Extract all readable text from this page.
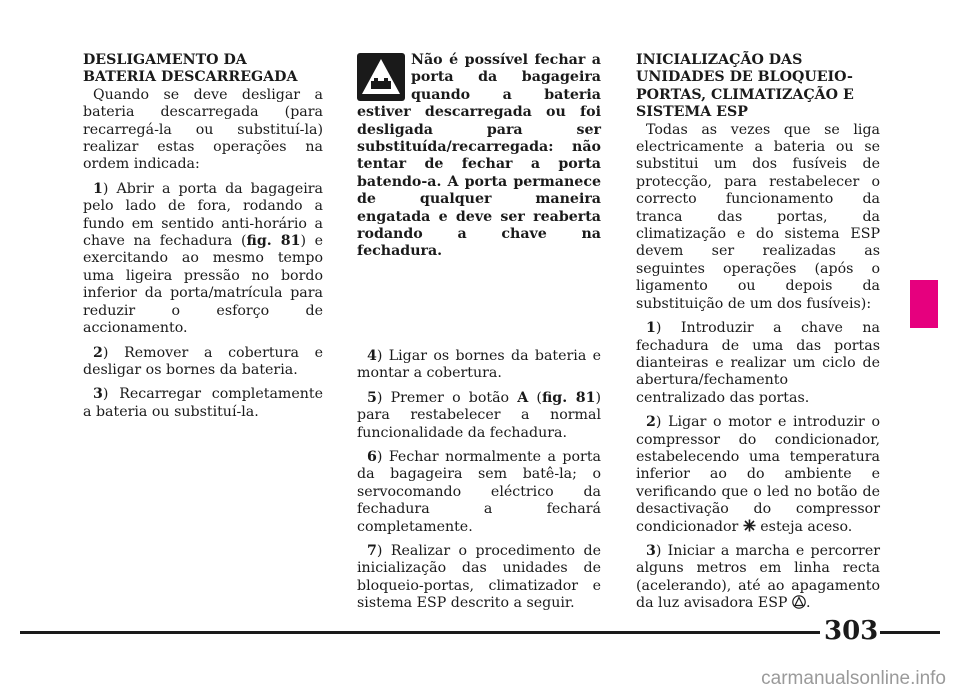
DESLIGAMENTO DA
BATERIA DESCARREGADA

Quando se deve desligar a bateria descarregada (para recarregá-la ou substituí-la) realizar estas operações na ordem indicada:

1) Abrir a porta da bagageira pelo lado de fora, rodando a fundo em sentido anti-horário a chave na fechadura (fig. 81) e exercitando ao mesmo tempo uma ligeira pressão no bordo inferior da porta/matrícula para reduzir o esforço de accionamento.

2) Remover a cobertura e desligar os bornes da bateria.

3) Recarregar completamente a bateria ou substituí-la.

Não é possível fechar a porta da bagageira quando a bateria estiver descarregada ou foi desligada para ser substituída/recarregada: não tentar de fechar a porta batendo-a. A porta permanece de qualquer maneira engatada e deve ser reaberta rodando a chave na fechadura.

4) Ligar os bornes da bateria e montar a cobertura.

5) Premer o botão A (fig. 81) para restabelecer a normal funcionalidade da fechadura.

6) Fechar normalmente a porta da bagageira sem batê-la; o servocomando eléctrico da fechadura a fechará completamente.

7) Realizar o procedimento de inicialização das unidades de bloqueio-portas, climatizador e sistema ESP descrito a seguir.

INICIALIZAÇÃO DAS
UNIDADES DE BLOQUEIO-
PORTAS, CLIMATIZAÇÃO E
SISTEMA ESP

Todas as vezes que se liga electricamente a bateria ou se substitui um dos fusíveis de protecção, para restabelecer o correcto funcionamento da tranca das portas, da climatização e do sistema ESP devem ser realizadas as seguintes operações (após o ligamento ou depois da substituição de um dos fusíveis):

1) Introduzir a chave na fechadura de uma das portas dianteiras e realizar um ciclo de abertura/fechamento centralizado das portas.

2) Ligar o motor e introduzir o compressor do condicionador, estabelecendo uma temperatura inferior ao do ambiente e verificando que o led no botão de desactivação do compressor condicionador  esteja aceso.

3) Iniciar a marcha e percorrer alguns metros em linha recta (acelerando), até ao apagamento da luz avisadora ESP .

303
carmanualsonline.info
